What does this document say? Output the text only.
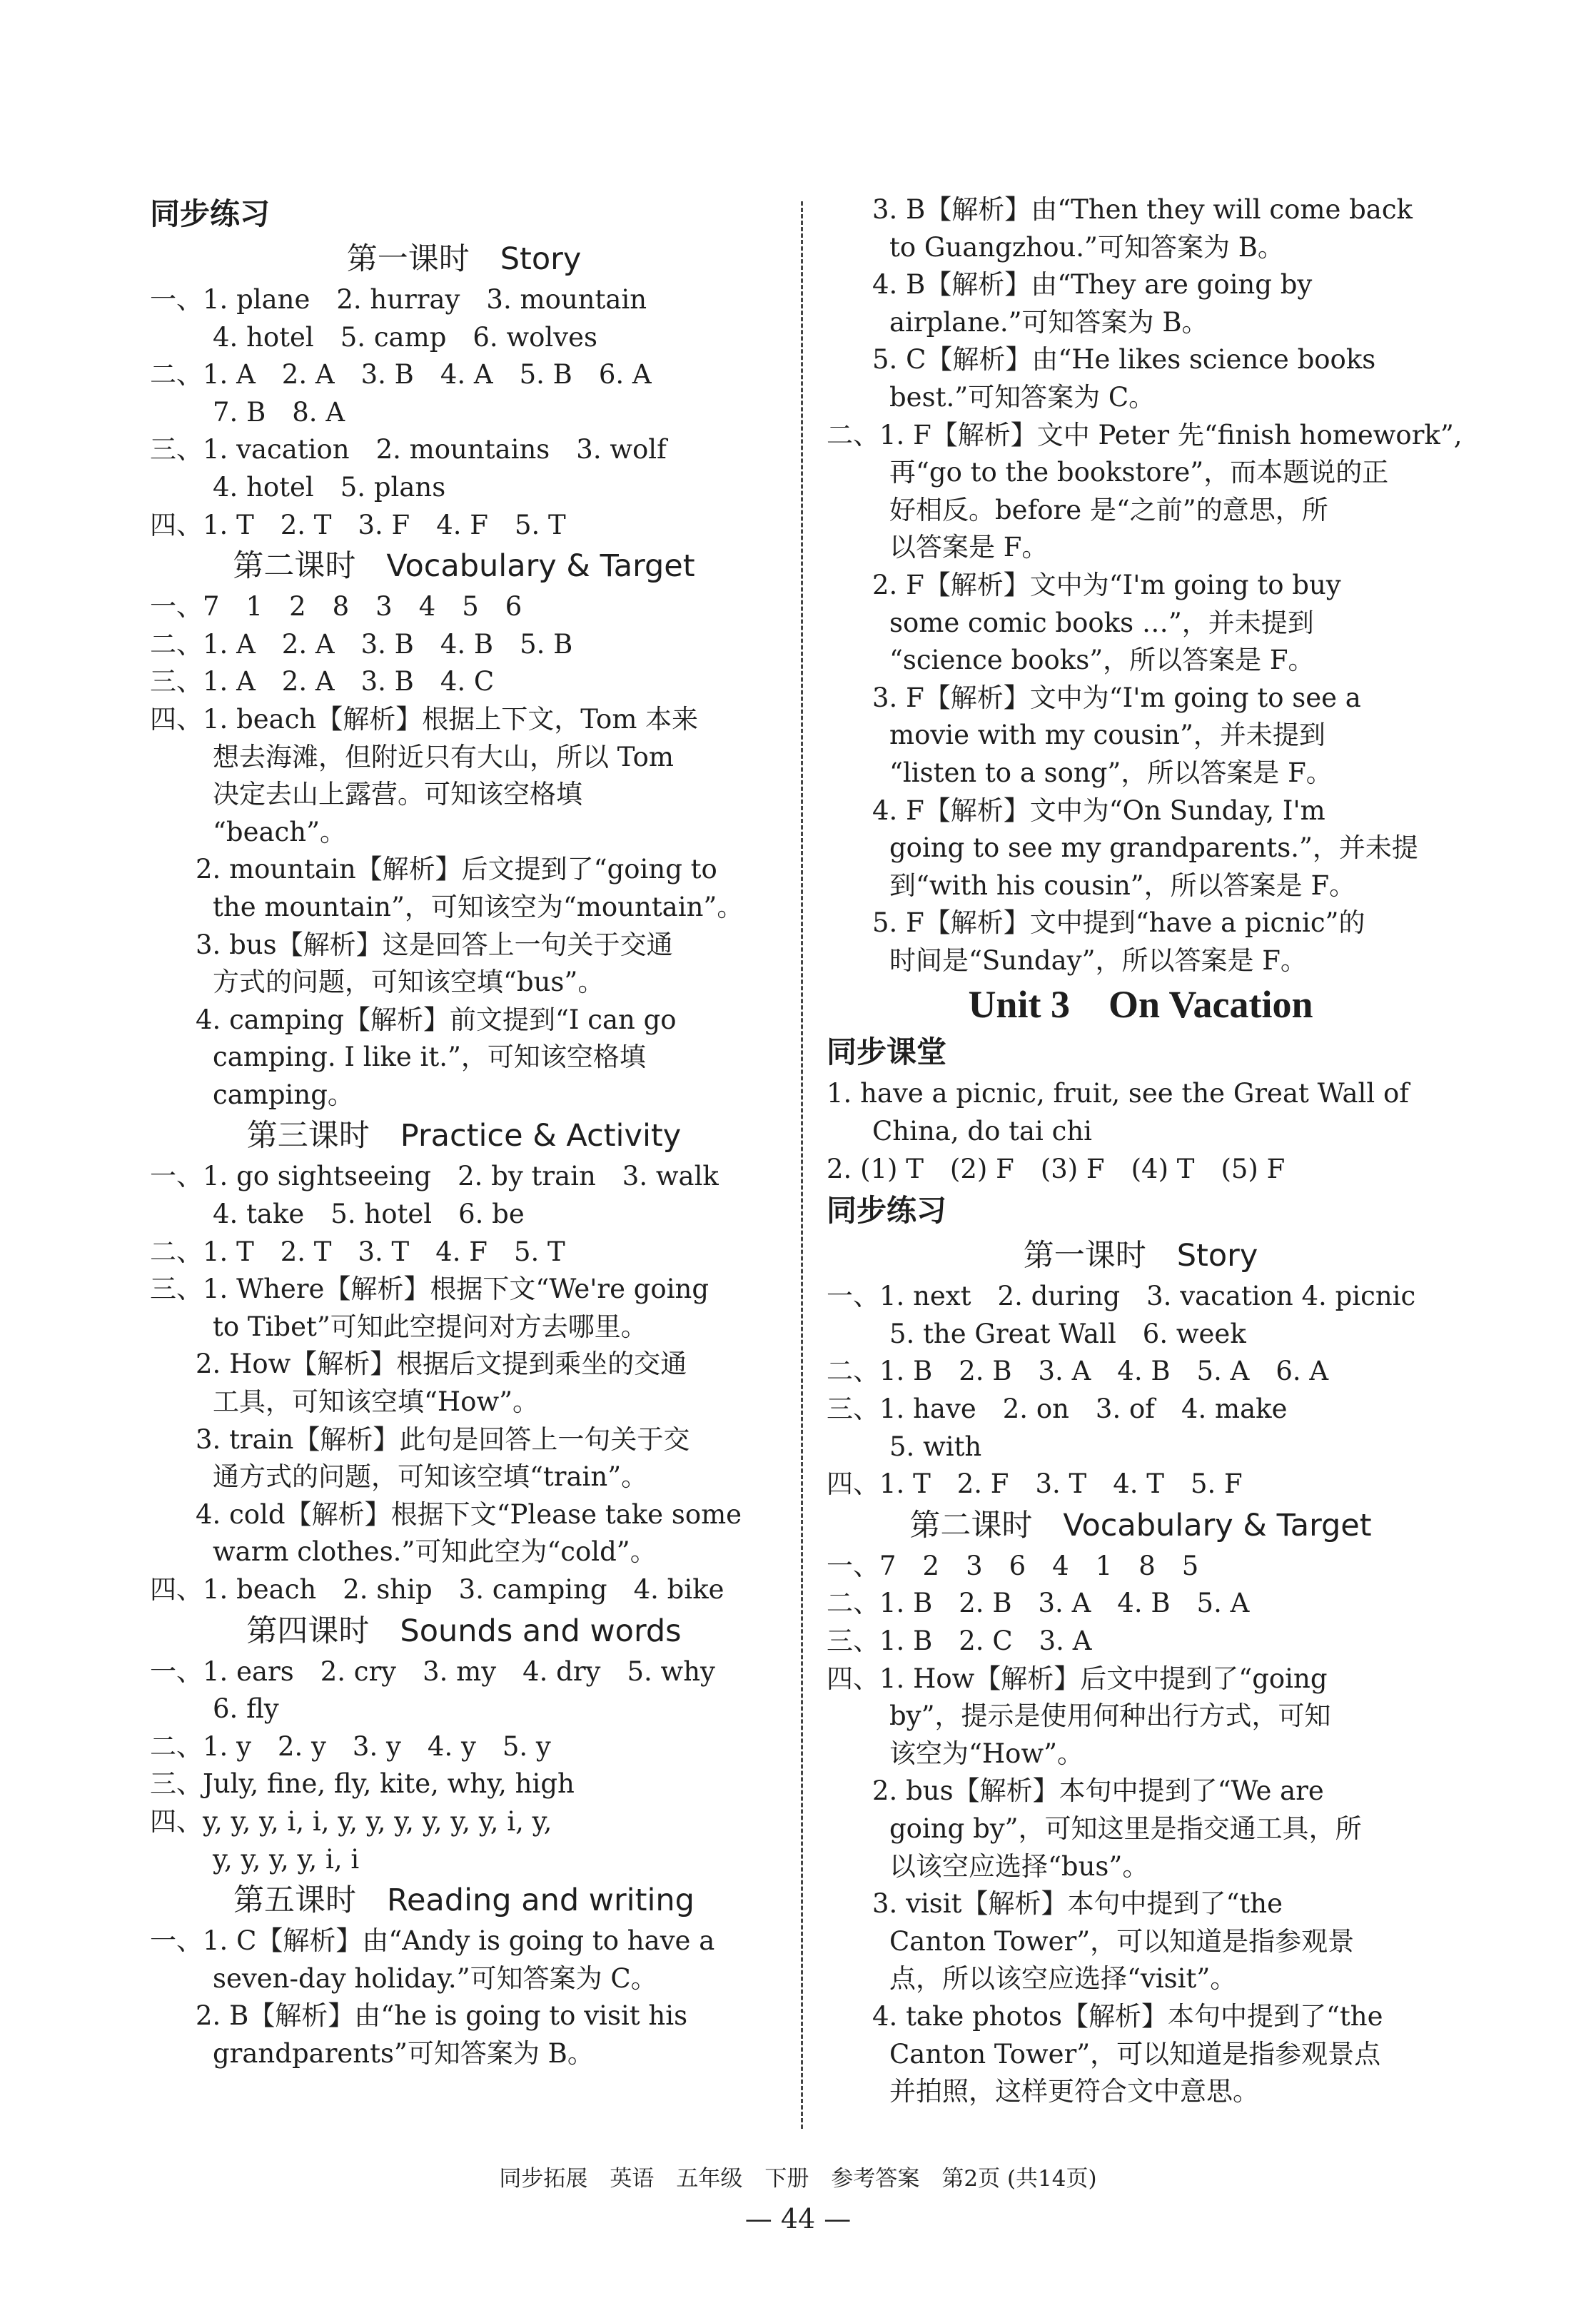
同步练习
第一课时　Story
一、1. plane　2. hurray　3. mountain
4. hotel　5. camp　6. wolves
二、1. A　2. A　3. B　4. A　5. B　6. A
7. B　8. A
三、1. vacation　2. mountains　3. wolf
4. hotel　5. plans
四、1. T　2. T　3. F　4. F　5. T
第二课时　Vocabulary & Target
一、7　1　2　8　3　4　5　6
二、1. A　2. A　3. B　4. B　5. B
三、1. A　2. A　3. B　4. C
四、1. beach【解析】根据上下文，Tom 本来
想去海滩，但附近只有大山，所以 Tom
决定去山上露营。可知该空格填
“beach”。
2. mountain【解析】后文提到了“going to
the mountain”，可知该空为“mountain”。
3. bus【解析】这是回答上一句关于交通
方式的问题，可知该空填“bus”。
4. camping【解析】前文提到“I can go
camping. I like it.”，可知该空格填
camping。
第三课时　Practice & Activity
一、1. go sightseeing　2. by train　3. walk
4. take　5. hotel　6. be
二、1. T　2. T　3. T　4. F　5. T
三、1. Where【解析】根据下文“We're going
to Tibet”可知此空提问对方去哪里。
2. How【解析】根据后文提到乘坐的交通
工具，可知该空填“How”。
3. train【解析】此句是回答上一句关于交
通方式的问题，可知该空填“train”。
4. cold【解析】根据下文“Please take some
warm clothes.”可知此空为“cold”。
四、1. beach　2. ship　3. camping　4. bike
第四课时　Sounds and words
一、1. ears　2. cry　3. my　4. dry　5. why
6. fly
二、1. y　2. y　3. y　4. y　5. y
三、July, fine, fly, kite, why, high
四、y, y, y, i, i, y, y, y, y, y, y, i, y,
y, y, y, y, i, i
第五课时　Reading and writing
一、1. C【解析】由“Andy is going to have a
seven-day holiday.”可知答案为 C。
2. B【解析】由“he is going to visit his
grandparents”可知答案为 B。
3. B【解析】由“Then they will come back
to Guangzhou.”可知答案为 B。
4. B【解析】由“They are going by
airplane.”可知答案为 B。
5. C【解析】由“He likes science books
best.”可知答案为 C。
二、1. F【解析】文中 Peter 先“finish homework”,
再“go to the bookstore”，而本题说的正
好相反。before 是“之前”的意思，所
以答案是 F。
2. F【解析】文中为“I'm going to buy
some comic books …”，并未提到
“science books”，所以答案是 F。
3. F【解析】文中为“I'm going to see a
movie with my cousin”，并未提到
“listen to a song”，所以答案是 F。
4. F【解析】文中为“On Sunday, I'm
going to see my grandparents.”，并未提
到“with his cousin”，所以答案是 F。
5. F【解析】文中提到“have a picnic”的
时间是“Sunday”，所以答案是 F。
Unit 3　On Vacation
同步课堂
1. have a picnic, fruit, see the Great Wall of
China, do tai chi
2. (1) T　(2) F　(3) F　(4) T　(5) F
同步练习
第一课时　Story
一、1. next　2. during　3. vacation 4. picnic
5. the Great Wall　6. week
二、1. B　2. B　3. A　4. B　5. A　6. A
三、1. have　2. on　3. of　4. make
5. with
四、1. T　2. F　3. T　4. T　5. F
第二课时　Vocabulary & Target
一、7　2　3　6　4　1　8　5
二、1. B　2. B　3. A　4. B　5. A
三、1. B　2. C　3. A
四、1. How【解析】后文中提到了“going
by”，提示是使用何种出行方式，可知
该空为“How”。
2. bus【解析】本句中提到了“We are
going by”，可知这里是指交通工具，所
以该空应选择“bus”。
3. visit【解析】本句中提到了“the
Canton Tower”，可以知道是指参观景
点，所以该空应选择“visit”。
4. take photos【解析】本句中提到了“the
Canton Tower”，可以知道是指参观景点
并拍照，这样更符合文中意思。
同步拓展　英语　五年级　下册　参考答案　第2页 (共14页)
— 44 —
